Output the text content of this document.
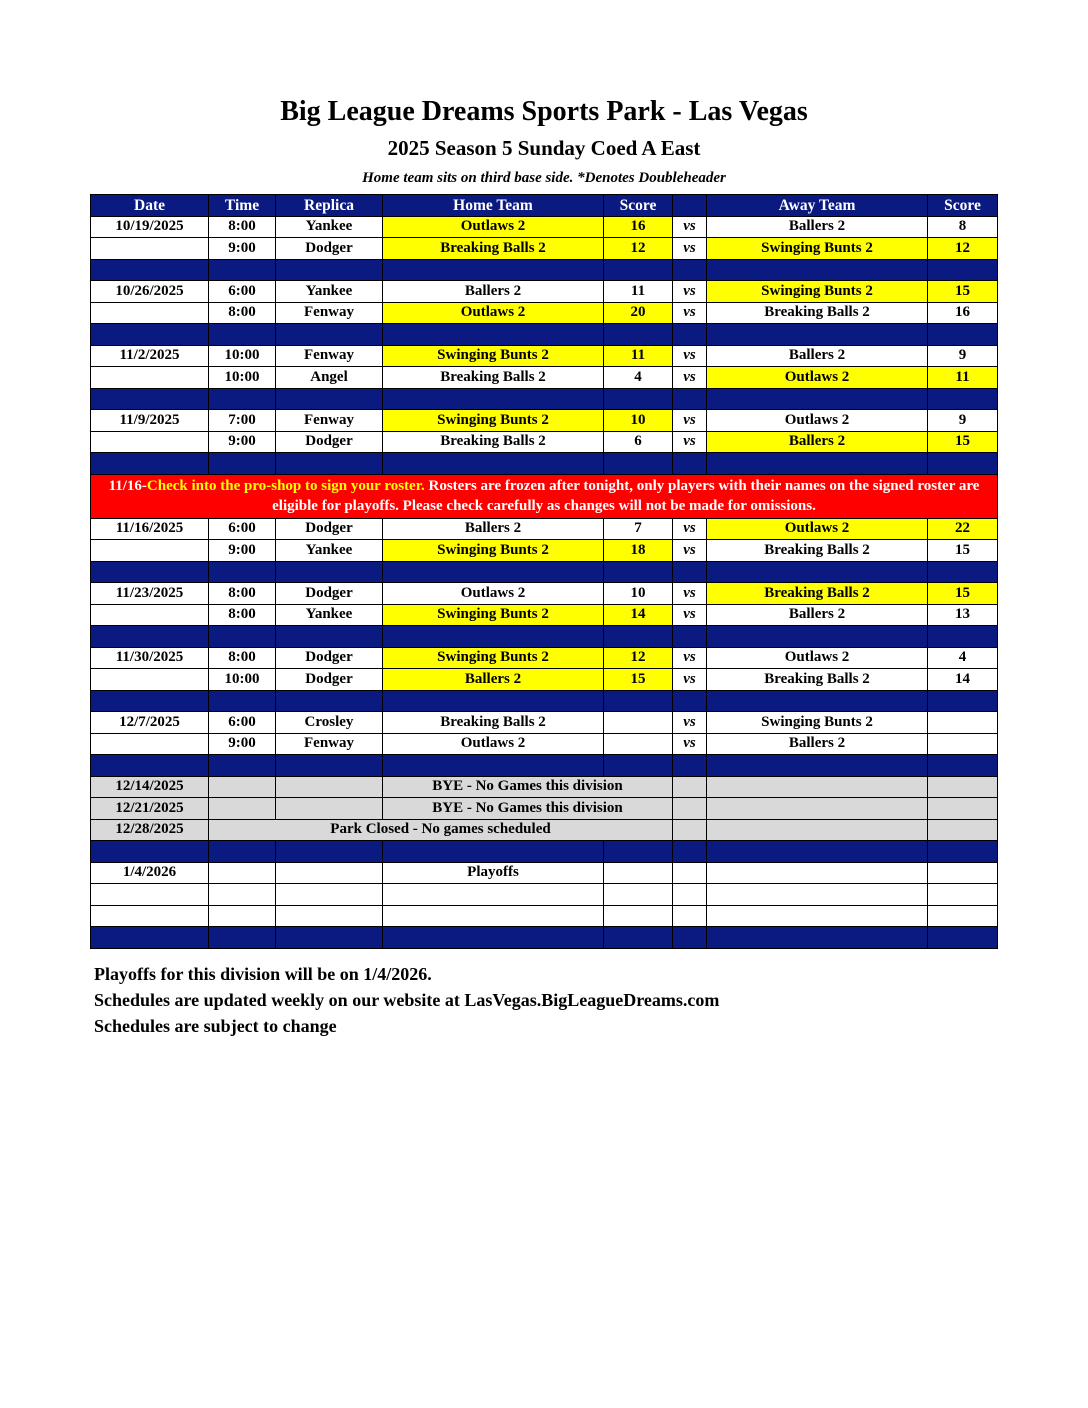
Big League Dreams Sports Park - Las Vegas
2025 Season 5 Sunday Coed A East
Home team sits on third base side. *Denotes Doubleheader
Date	Time	Replica	Home Team	Score		Away Team	Score
10/19/2025	8:00	Yankee	Outlaws 2	16	vs	Ballers 2	8
	9:00	Dodger	Breaking Balls 2	12	vs	Swinging Bunts 2	12

10/26/2025	6:00	Yankee	Ballers 2	11	vs	Swinging Bunts 2	15
	8:00	Fenway	Outlaws 2	20	vs	Breaking Balls 2	16

11/2/2025	10:00	Fenway	Swinging Bunts 2	11	vs	Ballers 2	9
	10:00	Angel	Breaking Balls 2	4	vs	Outlaws 2	11

11/9/2025	7:00	Fenway	Swinging Bunts 2	10	vs	Outlaws 2	9
	9:00	Dodger	Breaking Balls 2	6	vs	Ballers 2	15

11/16-Check into the pro-shop to sign your roster. Rosters are frozen after tonight, only players with their names on the signed roster are eligible for playoffs. Please check carefully as changes will not be made for omissions.							
11/16/2025	6:00	Dodger	Ballers 2	7	vs	Outlaws 2	22
	9:00	Yankee	Swinging Bunts 2	18	vs	Breaking Balls 2	15

11/23/2025	8:00	Dodger	Outlaws 2	10	vs	Breaking Balls 2	15
	8:00	Yankee	Swinging Bunts 2	14	vs	Ballers 2	13

11/30/2025	8:00	Dodger	Swinging Bunts 2	12	vs	Outlaws 2	4
	10:00	Dodger	Ballers 2	15	vs	Breaking Balls 2	14

12/7/2025	6:00	Crosley	Breaking Balls 2		vs	Swinging Bunts 2	
	9:00	Fenway	Outlaws 2		vs	Ballers 2	

12/14/2025			BYE - No Games this division				
12/21/2025			BYE - No Games this division				
12/28/2025	Park Closed - No games scheduled						

1/4/2026			Playoffs				

Playoffs for this division will be on 1/4/2026.
Schedules are updated weekly on our website at LasVegas.BigLeagueDreams.com
Schedules are subject to change
